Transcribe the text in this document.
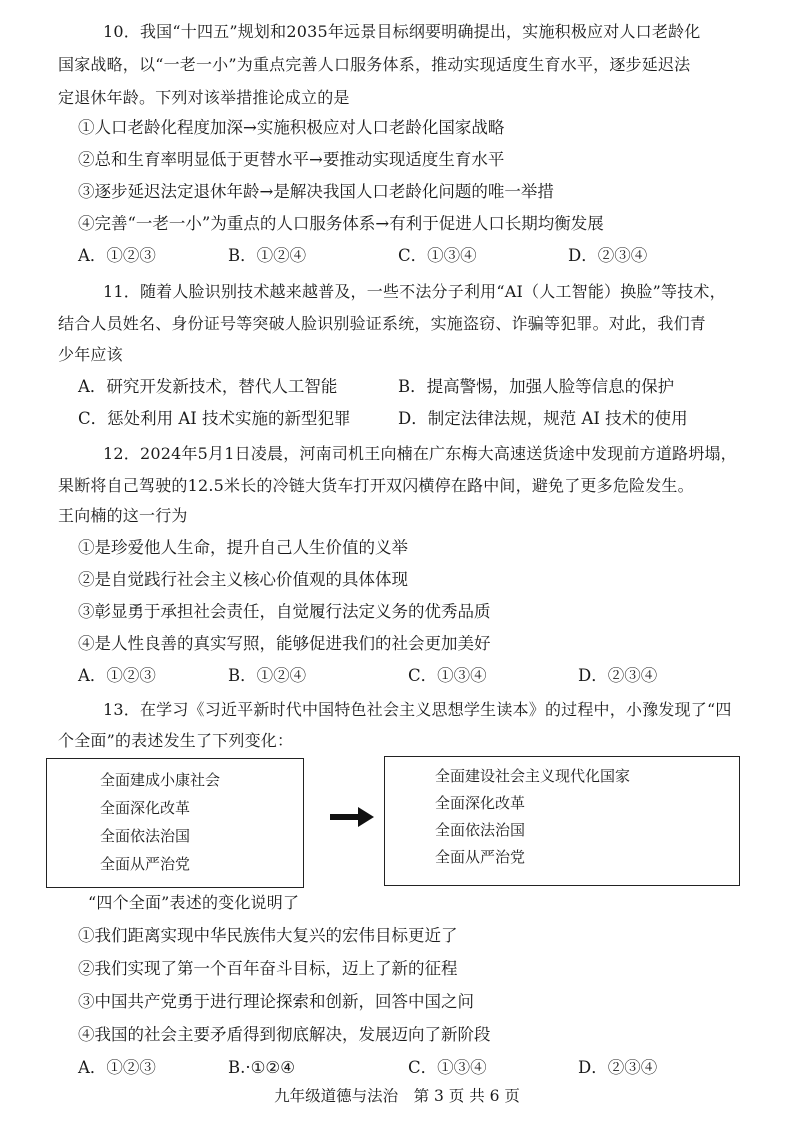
10．我国“十四五”规划和2035年远景目标纲要明确提出，实施积极应对人口老龄化
国家战略，以“一老一小”为重点完善人口服务体系，推动实现适度生育水平，逐步延迟法
定退休年龄。下列对该举措推论成立的是
①人口老龄化程度加深→实施积极应对人口老龄化国家战略
②总和生育率明显低于更替水平→要推动实现适度生育水平
③逐步延迟法定退休年龄→是解决我国人口老龄化问题的唯一举措
④完善“一老一小”为重点的人口服务体系→有利于促进人口长期均衡发展
A．①②③	B．①②④	C．①③④	D．②③④
11．随着人脸识别技术越来越普及，一些不法分子利用“AI（人工智能）换脸”等技术，
结合人员姓名、身份证号等突破人脸识别验证系统，实施盗窃、诈骗等犯罪。对此，我们青
少年应该
A．研究开发新技术，替代人工智能	B．提高警惕，加强人脸等信息的保护
C．惩处利用 AI 技术实施的新型犯罪	D．制定法律法规，规范 AI 技术的使用
12．2024年5月1日凌晨，河南司机王向楠在广东梅大高速送货途中发现前方道路坍塌，
果断将自己驾驶的12.5米长的冷链大货车打开双闪横停在路中间，避免了更多危险发生。
王向楠的这一行为
①是珍爱他人生命，提升自己人生价值的义举
②是自觉践行社会主义核心价值观的具体体现
③彰显勇于承担社会责任，自觉履行法定义务的优秀品质
④是人性良善的真实写照，能够促进我们的社会更加美好
A．①②③	B．①②④	C．①③④	D．②③④
13．在学习《习近平新时代中国特色社会主义思想学生读本》的过程中，小豫发现了“四
个全面”的表述发生了下列变化：
全面建成小康社会
全面深化改革
全面依法治国
全面从严治党
全面建设社会主义现代化国家
全面深化改革
全面依法治国
全面从严治党
“四个全面”表述的变化说明了
①我们距离实现中华民族伟大复兴的宏伟目标更近了
②我们实现了第一个百年奋斗目标，迈上了新的征程
③中国共产党勇于进行理论探索和创新，回答中国之问
④我国的社会主要矛盾得到彻底解决，发展迈向了新阶段
A．①②③	B.·①②④	C．①③④	D．②③④
九年级道德与法治　第 3 页 共 6 页
